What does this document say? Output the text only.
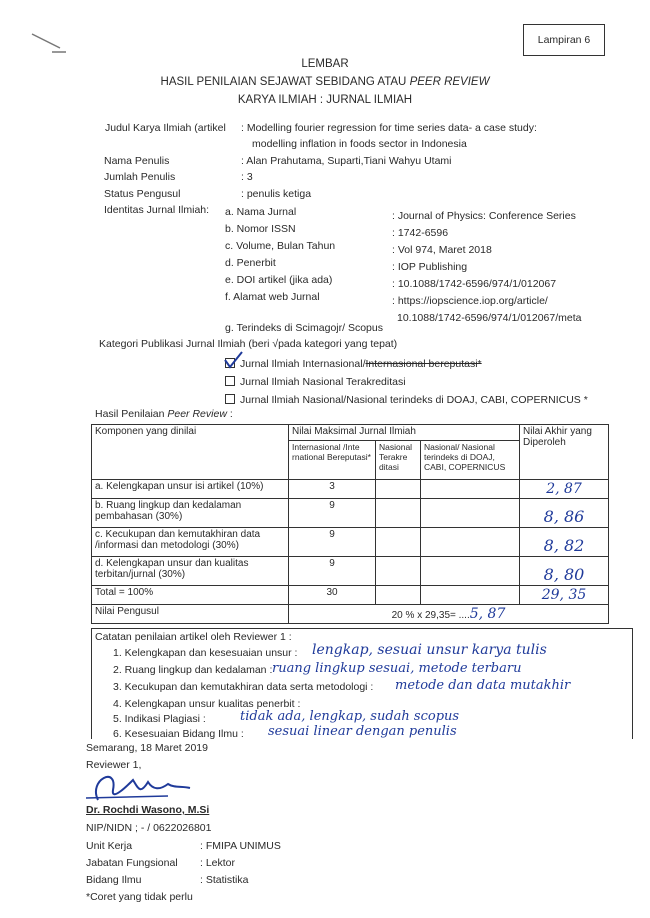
Lampiran 6
LEMBAR
HASIL PENILAIAN SEJAWAT SEBIDANG ATAU PEER REVIEW
KARYA ILMIAH : JURNAL ILMIAH
Judul Karya Ilmiah (artikel : Modelling fourier regression for time series data- a case study:
modelling inflation in foods sector in Indonesia
Nama Penulis	: Alan Prahutama, Suparti,Tiani Wahyu Utami
Jumlah Penulis	: 3
Status Pengusul	: penulis ketiga
Identitas Jurnal Ilmiah: a. Nama Jurnal	: Journal of Physics: Conference Series
b. Nomor ISSN	: 1742-6596
c. Volume, Bulan Tahun	: Vol 974, Maret 2018
d. Penerbit	: IOP Publishing
e. DOI artikel (jika ada)	: 10.1088/1742-6596/974/1/012067
f. Alamat web Jurnal	: https://iopscience.iop.org/article/
10.1088/1742-6596/974/1/012067/meta
g. Terindeks di Scimagojr/ Scopus
Kategori Publikasi Jurnal Ilmiah (beri √pada kategori yang tepat)
Jurnal Ilmiah Internasional/Internasional bereputasi*
Jurnal Ilmiah Nasional Terakreditasi
Jurnal Ilmiah Nasional/Nasional terindeks di DOAJ, CABI, COPERNICUS *
Hasil Penilaian Peer Review :
Komponen yang dinilai	Nilai Maksimal Jurnal Ilmiah			Nilai Akhir yang Diperoleh
	Internasional /Inte rnational Bereputasi*	Nasional Terakre ditasi	Nasional/ Nasional terindeks di DOAJ, CABI, COPERNICUS	
a. Kelengkapan unsur isi artikel (10%)	3			2, 87
b. Ruang lingkup dan kedalaman pembahasan (30%)	9			8, 86
c. Kecukupan dan kemutakhiran data /informasi dan metodologi (30%)	9			8, 82
d. Kelengkapan unsur dan kualitas terbitan/jurnal (30%)	9			8, 80
Total = 100%	30			29, 35
Nilai Pengusul	20 % x 29,35= ....5, 87			
Catatan penilaian artikel oleh Reviewer 1 :
1. Kelengkapan dan kesesuaian unsur : lengkap, sesuai unsur karya tulis
2. Ruang lingkup dan kedalaman : ruang lingkup sesuai, metode terbaru
3. Kecukupan dan kemutakhiran data serta metodologi : metode dan data mutakhir
4. Kelengkapan unsur kualitas penerbit :
5. Indikasi Plagiasi :	tidak ada, lengkap, sudah scopus
6. Kesesuaian Bidang Ilmu : sesuai linear dengan penulis
Semarang, 18 Maret 2019
Reviewer 1,
Dr. Rochdi Wasono, M.Si
NIP/NIDN ; - / 0622026801
Unit Kerja	: FMIPA UNIMUS
Jabatan Fungsional : Lektor
Bidang Ilmu	: Statistika
*Coret yang tidak perlu
